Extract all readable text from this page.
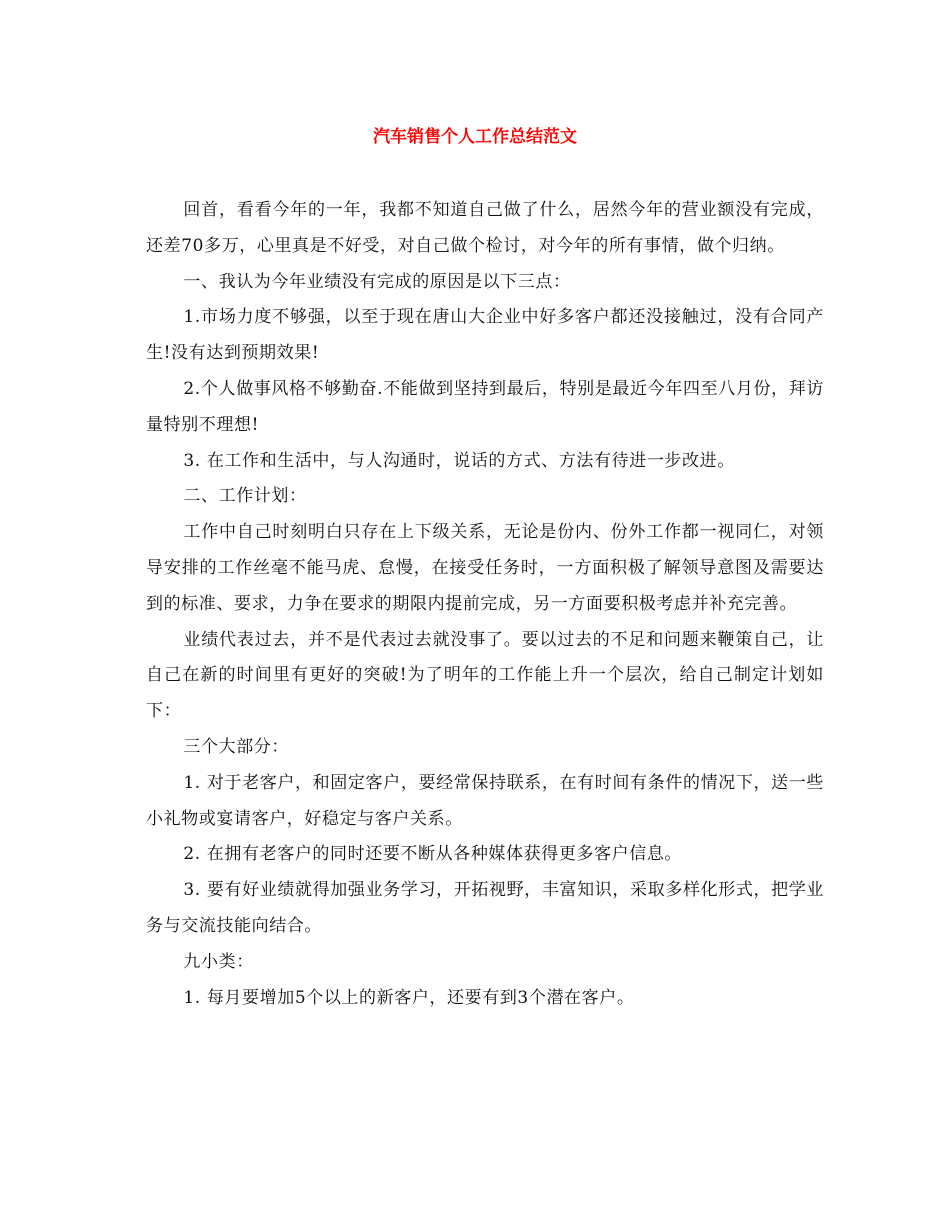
汽车销售个人工作总结范文

回首，看看今年的一年，我都不知道自己做了什么，居然今年的营业额没有完成，还差70多万，心里真是不好受，对自己做个检讨，对今年的所有事情，做个归纳。

一、我认为今年业绩没有完成的原因是以下三点：

1.市场力度不够强，以至于现在唐山大企业中好多客户都还没接触过，没有合同产生!没有达到预期效果!

2.个人做事风格不够勤奋.不能做到坚持到最后，特别是最近今年四至八月份，拜访量特别不理想!

3. 在工作和生活中，与人沟通时，说话的方式、方法有待进一步改进。

二、工作计划：

工作中自己时刻明白只存在上下级关系，无论是份内、份外工作都一视同仁，对领导安排的工作丝毫不能马虎、怠慢，在接受任务时，一方面积极了解领导意图及需要达到的标准、要求，力争在要求的期限内提前完成，另一方面要积极考虑并补充完善。

业绩代表过去，并不是代表过去就没事了。要以过去的不足和问题来鞭策自己，让自己在新的时间里有更好的突破!为了明年的工作能上升一个层次，给自己制定计划如下：

三个大部分：

1. 对于老客户，和固定客户，要经常保持联系，在有时间有条件的情况下，送一些小礼物或宴请客户，好稳定与客户关系。

2. 在拥有老客户的同时还要不断从各种媒体获得更多客户信息。

3. 要有好业绩就得加强业务学习，开拓视野，丰富知识，采取多样化形式，把学业务与交流技能向结合。

九小类：

1. 每月要增加5个以上的新客户，还要有到3个潜在客户。
